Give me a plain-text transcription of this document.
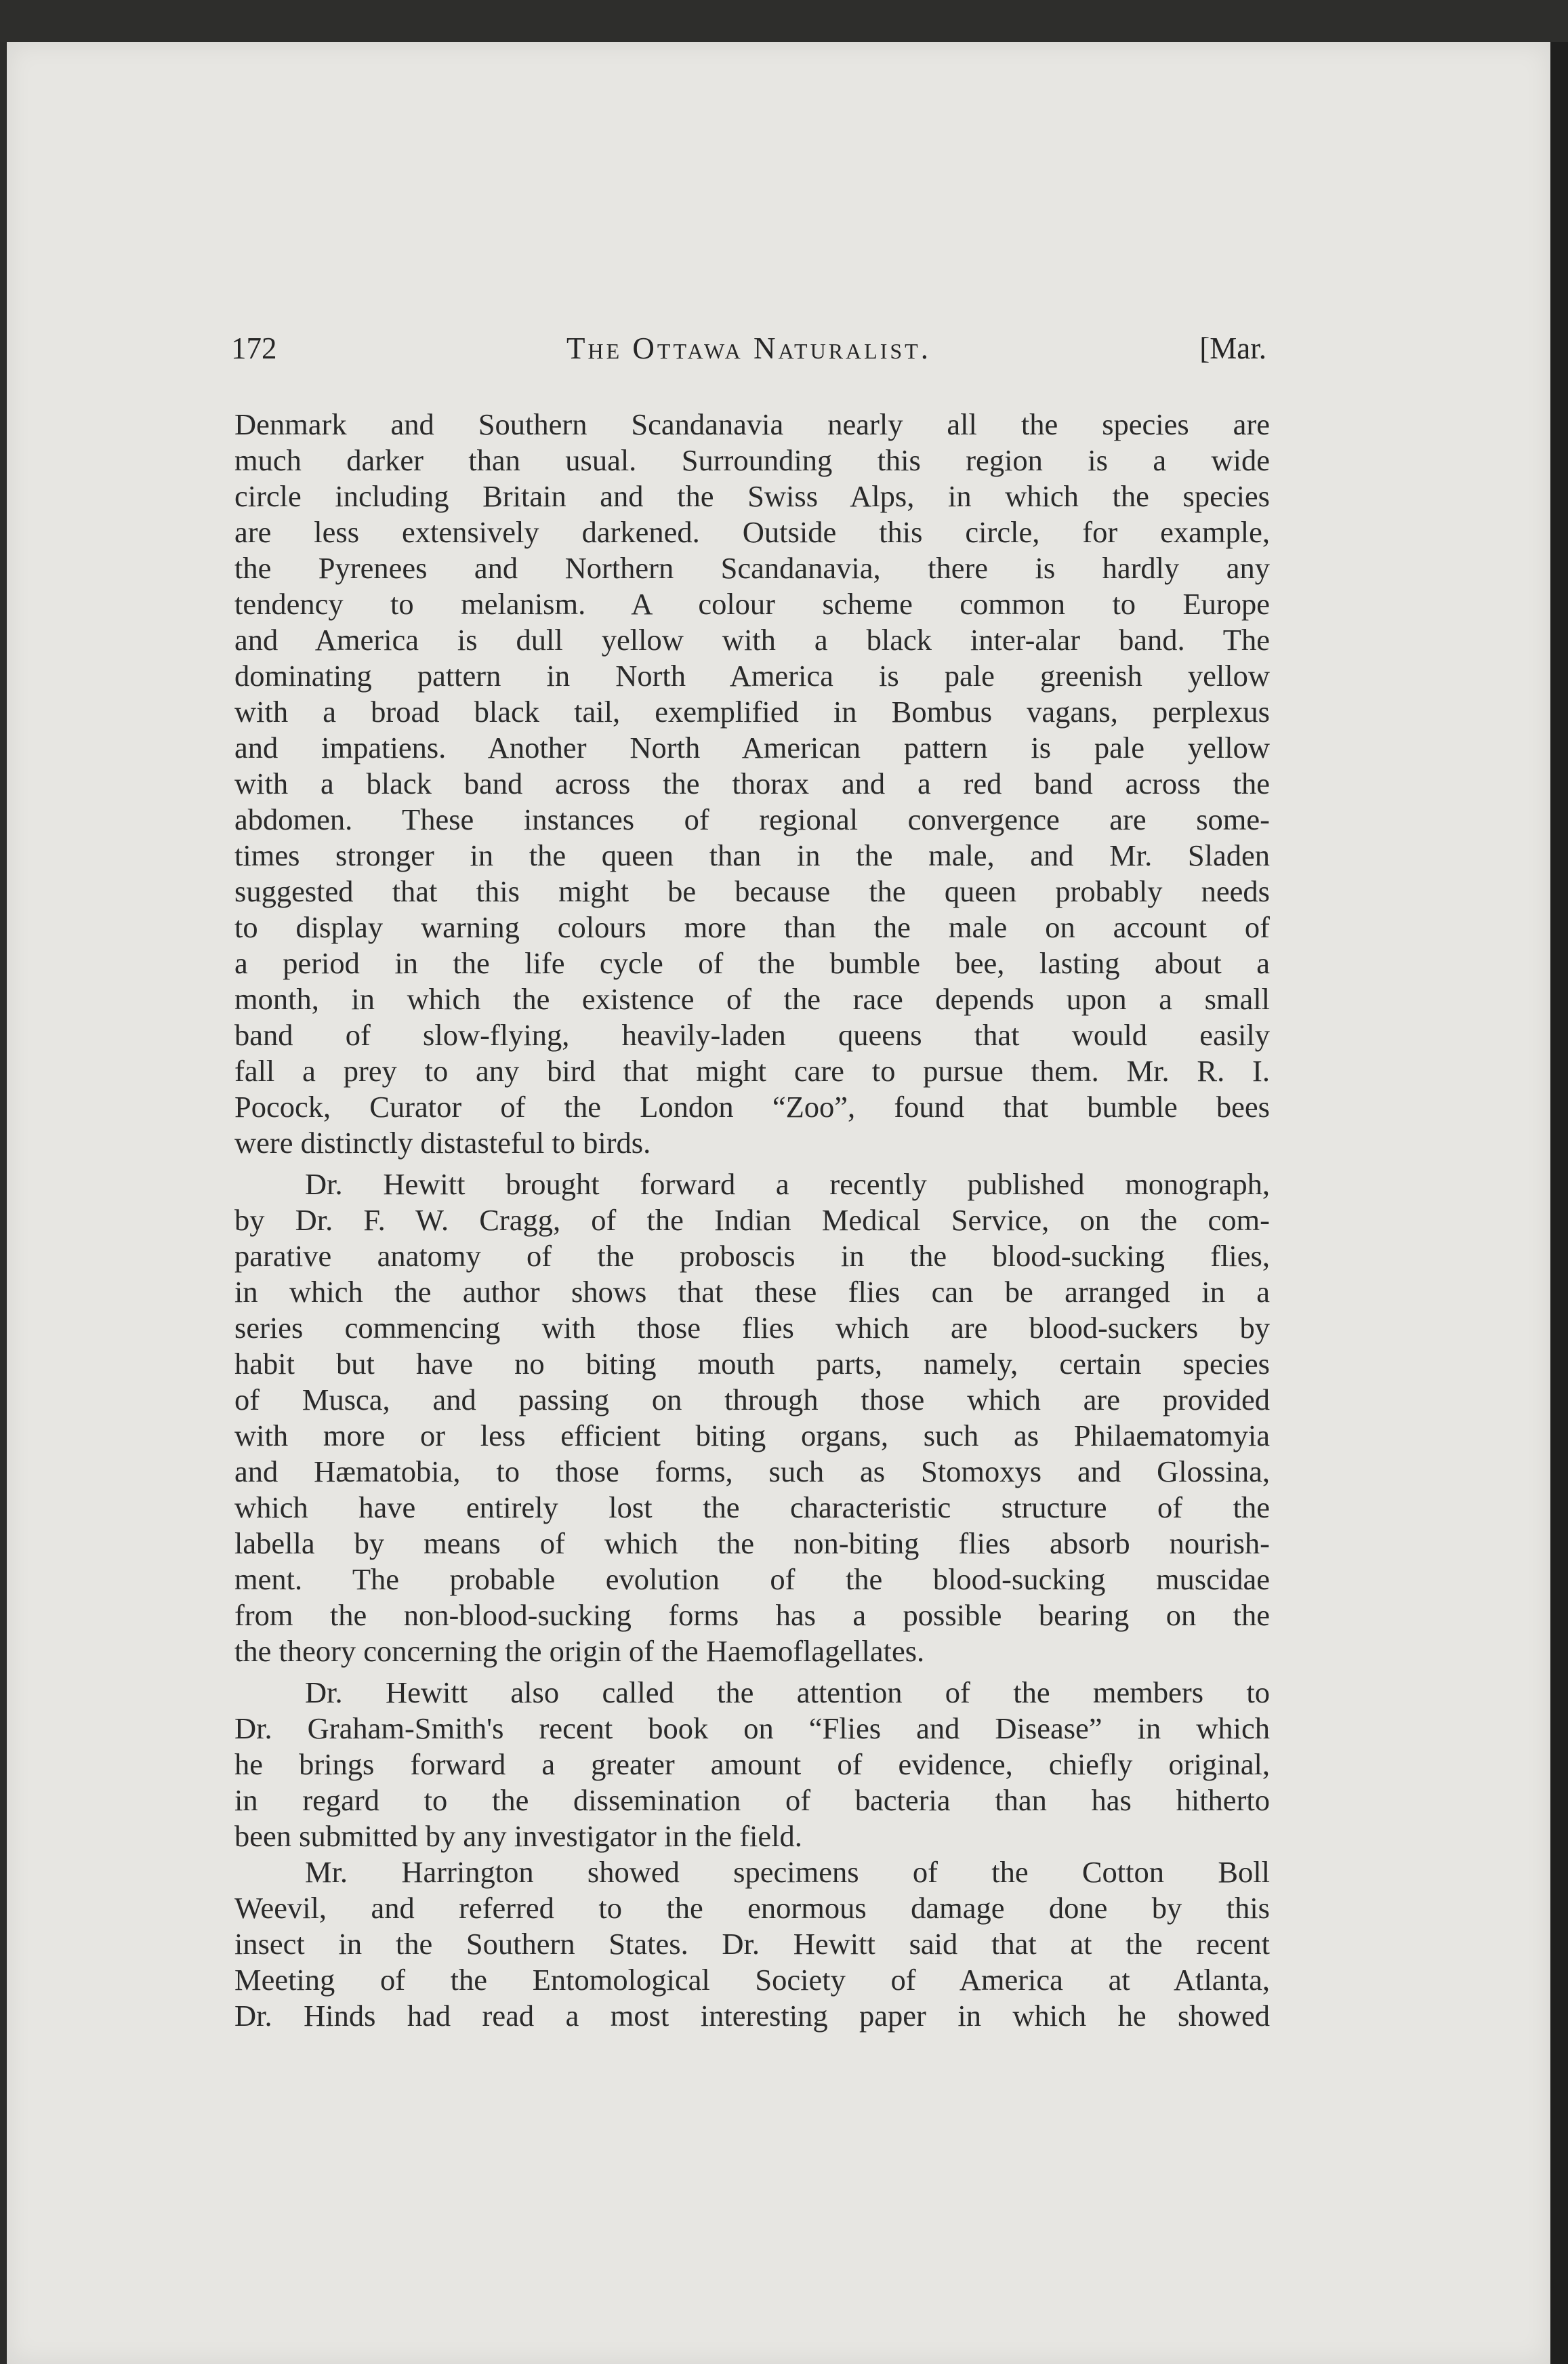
172	The Ottawa Naturalist.	[Mar.
Denmark and Southern Scandanavia nearly all the species are
much darker than usual. Surrounding this region is a wide
circle including Britain and the Swiss Alps, in which the species
are less extensively darkened. Outside this circle, for example,
the Pyrenees and Northern Scandanavia, there is hardly any
tendency to melanism. A colour scheme common to Europe
and America is dull yellow with a black inter-alar band. The
dominating pattern in North America is pale greenish yellow
with a broad black tail, exemplified in Bombus vagans, perplexus
and impatiens. Another North American pattern is pale yellow
with a black band across the thorax and a red band across the
abdomen. These instances of regional convergence are some-
times stronger in the queen than in the male, and Mr. Sladen
suggested that this might be because the queen probably needs
to display warning colours more than the male on account of
a period in the life cycle of the bumble bee, lasting about a
month, in which the existence of the race depends upon a small
band of slow-flying, heavily-laden queens that would easily
fall a prey to any bird that might care to pursue them. Mr. R. I.
Pocock, Curator of the London “Zoo”, found that bumble bees
were distinctly distasteful to birds.
Dr. Hewitt brought forward a recently published monograph,
by Dr. F. W. Cragg, of the Indian Medical Service, on the com-
parative anatomy of the proboscis in the blood-sucking flies,
in which the author shows that these flies can be arranged in a
series commencing with those flies which are blood-suckers by
habit but have no biting mouth parts, namely, certain species
of Musca, and passing on through those which are provided
with more or less efficient biting organs, such as Philaematomyia
and Hæmatobia, to those forms, such as Stomoxys and Glossina,
which have entirely lost the characteristic structure of the
labella by means of which the non-biting flies absorb nourish-
ment. The probable evolution of the blood-sucking muscidae
from the non-blood-sucking forms has a possible bearing on the
the theory concerning the origin of the Haemoflagellates.
Dr. Hewitt also called the attention of the members to
Dr. Graham-Smith's recent book on “Flies and Disease” in which
he brings forward a greater amount of evidence, chiefly original,
in regard to the dissemination of bacteria than has hitherto
been submitted by any investigator in the field.
Mr. Harrington showed specimens of the Cotton Boll
Weevil, and referred to the enormous damage done by this
insect in the Southern States. Dr. Hewitt said that at the recent
Meeting of the Entomological Society of America at Atlanta,
Dr. Hinds had read a most interesting paper in which he showed
